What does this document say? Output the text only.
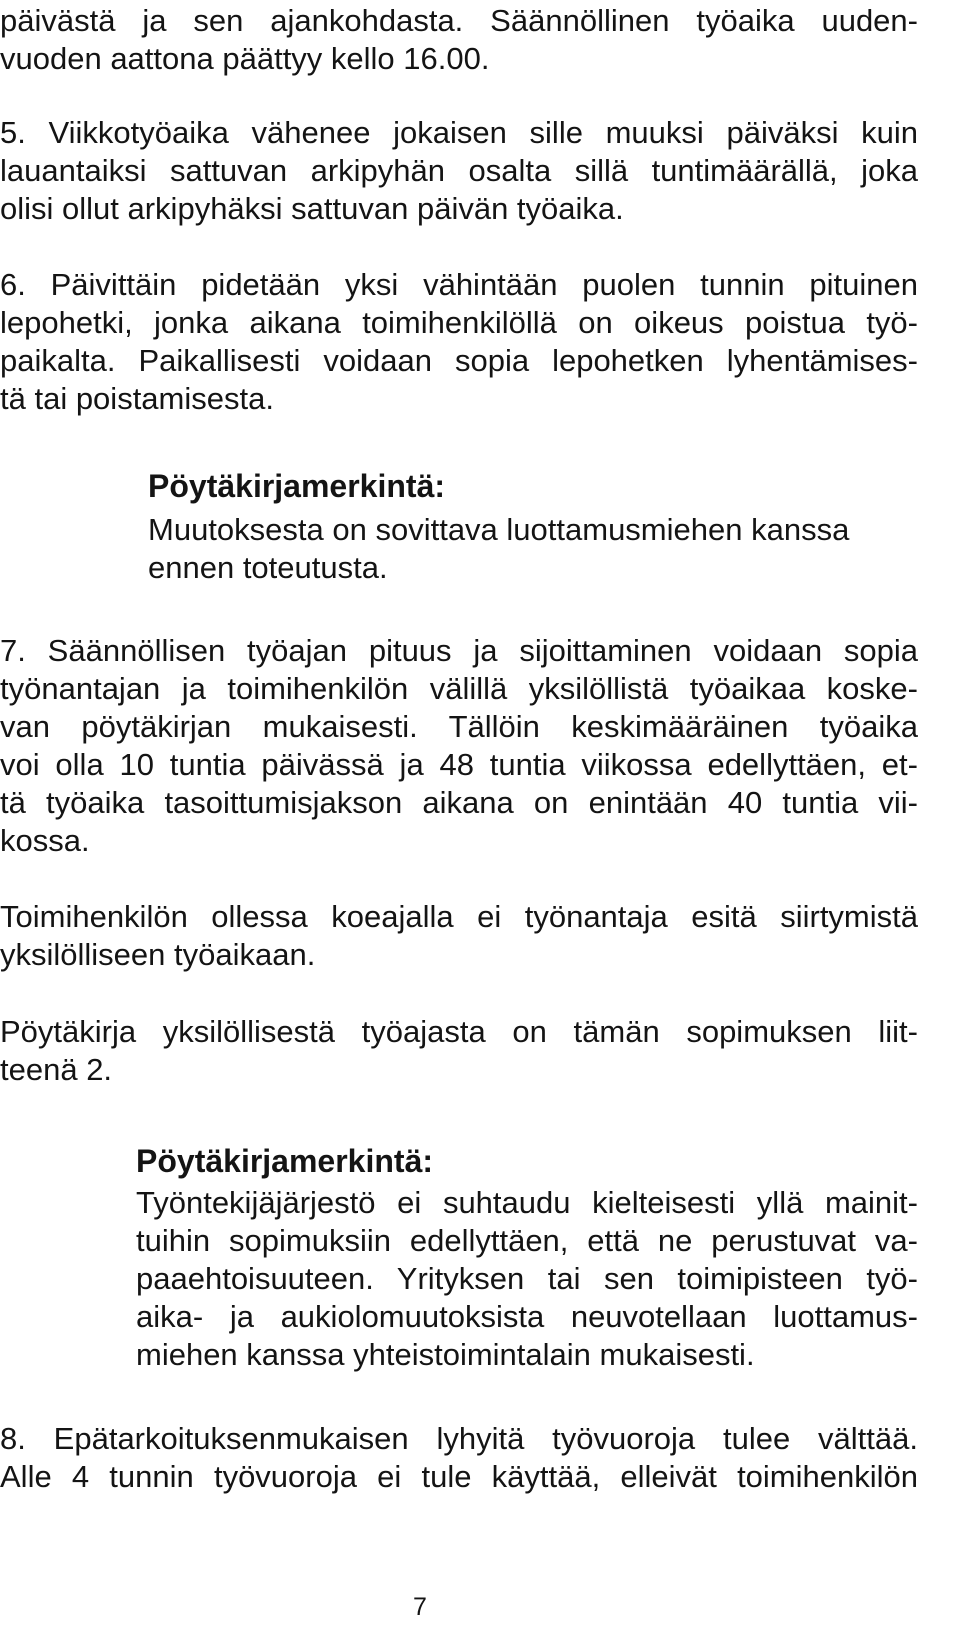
päivästä ja sen ajankohdasta. Säännöllinen työaika uuden-

vuoden aattona päättyy kello 16.00.

5. Viikkotyöaika vähenee jokaisen sille muuksi päiväksi kuin

lauantaiksi sattuvan arkipyhän osalta sillä tuntimäärällä, joka

olisi ollut arkipyhäksi sattuvan päivän työaika.

6. Päivittäin pidetään yksi vähintään puolen tunnin pituinen

lepohetki, jonka aikana toimihenkilöllä on oikeus poistua työ-

paikalta. Paikallisesti voidaan sopia lepohetken lyhentämises-

tä tai poistamisesta.

Pöytäkirjamerkintä:

Muutoksesta on sovittava luottamusmiehen kanssa

ennen toteutusta.

7. Säännöllisen työajan pituus ja sijoittaminen voidaan sopia

työnantajan ja toimihenkilön välillä yksilöllistä työaikaa koske-

van pöytäkirjan mukaisesti. Tällöin keskimääräinen työaika

voi olla 10 tuntia päivässä ja 48 tuntia viikossa edellyttäen, et-

tä työaika tasoittumisjakson aikana on enintään 40 tuntia vii-

kossa.

Toimihenkilön ollessa koeajalla ei työnantaja esitä siirtymistä

yksilölliseen työaikaan.

Pöytäkirja yksilöllisestä työajasta on tämän sopimuksen liit-

teenä 2.

Pöytäkirjamerkintä:

Työntekijäjärjestö ei suhtaudu kielteisesti yllä mainit-

tuihin sopimuksiin edellyttäen, että ne perustuvat va-

paaehtoisuuteen. Yrityksen tai sen toimipisteen työ-

aika- ja aukiolomuutoksista neuvotellaan luottamus-

miehen kanssa yhteistoimintalain mukaisesti.

8. Epätarkoituksenmukaisen lyhyitä työvuoroja tulee välttää.

Alle 4 tunnin työvuoroja ei tule käyttää, elleivät toimihenkilön

7
